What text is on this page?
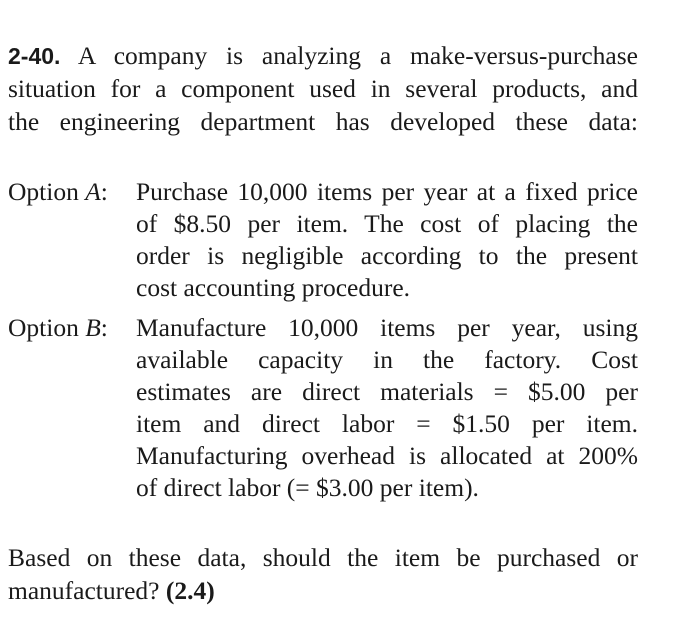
2-40. A company is analyzing a make-versus-purchase
situation for a component used in several products, and
the engineering department has developed these data:
Option A: Purchase 10,000 items per year at a fixed price
of $8.50 per item. The cost of placing the
order is negligible according to the present
cost accounting procedure.
Option B: Manufacture 10,000 items per year, using
available capacity in the factory. Cost
estimates are direct materials = $5.00 per
item and direct labor = $1.50 per item.
Manufacturing overhead is allocated at 200%
of direct labor (= $3.00 per item).
Based on these data, should the item be purchased or
manufactured? (2.4)
